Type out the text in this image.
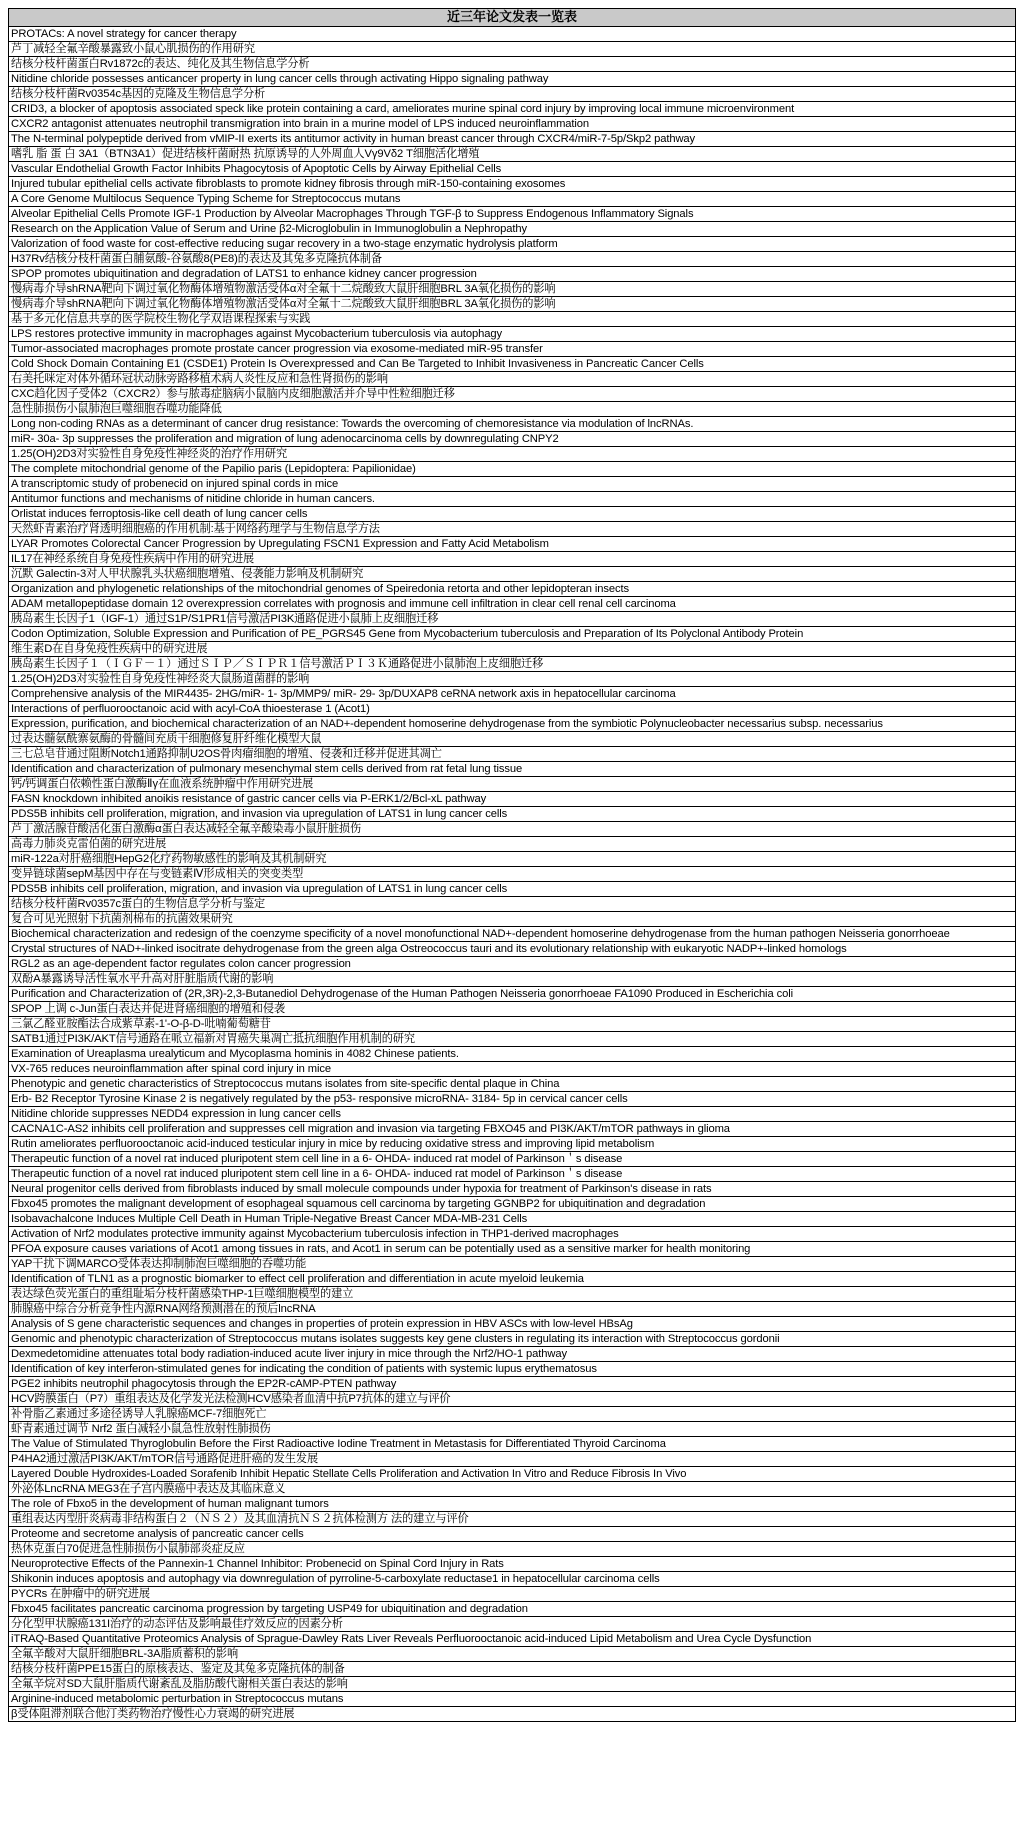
近三年论文发表一览表
PROTACs: A novel strategy for cancer therapy
芦丁减轻全氟辛酸暴露致小鼠心肌损伤的作用研究
结核分枝杆菌蛋白Rv1872c的表达、纯化及其生物信息学分析
Nitidine chloride possesses anticancer property in lung cancer cells through activating Hippo signaling pathway
结核分枝杆菌Rv0354c基因的克隆及生物信息学分析
CRID3, a blocker of apoptosis associated speck like protein containing a card, ameliorates murine spinal cord injury by improving local immune microenvironment
CXCR2 antagonist attenuates neutrophil transmigration into brain in a murine model of LPS induced neuroinflammation
The N-terminal polypeptide derived from vMIP-II exerts its antitumor activity in human breast cancer through CXCR4/miR-7-5p/Skp2 pathway
嗜乳 脂 蛋 白 3A1（BTN3A1）促进结核杆菌耐热 抗原诱导的人外周血人Vγ9Vδ2 T细胞活化增殖
Vascular Endothelial Growth Factor Inhibits Phagocytosis of Apoptotic Cells by Airway Epithelial Cells
Injured tubular epithelial cells activate fibroblasts to promote kidney fibrosis through miR-150-containing exosomes
A Core Genome Multilocus Sequence Typing Scheme for Streptococcus mutans
Alveolar Epithelial Cells Promote IGF-1 Production by Alveolar Macrophages Through TGF-β to Suppress Endogenous Inflammatory Signals
Research on the Application Value of Serum and Urine β2-Microglobulin in Immunoglobulin a Nephropathy
Valorization of food waste for cost-effective reducing sugar recovery in a two-stage enzymatic hydrolysis platform
H37Rv结核分枝杆菌蛋白脯氨酸-谷氨酸8(PE8)的表达及其兔多克隆抗体制备
SPOP promotes ubiquitination and degradation of LATS1 to enhance kidney cancer progression
慢病毒介导shRNA靶向下调过氧化物酶体增殖物激活受体α对全氟十二烷酸致大鼠肝细胞BRL 3A氧化损伤的影响
慢病毒介导shRNA靶向下调过氧化物酶体增殖物激活受体α对全氟十二烷酸致大鼠肝细胞BRL 3A氧化损伤的影响
基于多元化信息共享的医学院校生物化学双语课程探索与实践
LPS restores protective immunity in macrophages against Mycobacterium tuberculosis via autophagy
Tumor-associated macrophages promote prostate cancer progression via exosome-mediated miR-95 transfer
Cold Shock Domain Containing E1 (CSDE1) Protein Is Overexpressed and Can Be Targeted to Inhibit Invasiveness in Pancreatic Cancer Cells
右美托咪定对体外循环冠状动脉旁路移植术病人炎性反应和急性肾损伤的影响
CXC趋化因子受体2（CXCR2）参与脓毒症脑病小鼠脑内皮细胞激活并介导中性粒细胞迁移
急性肺损伤小鼠肺泡巨噬细胞吞噬功能降低
Long non-coding RNAs as a determinant of cancer drug resistance: Towards the overcoming of chemoresistance via modulation of lncRNAs.
miR- 30a- 3p suppresses the proliferation and migration of lung adenocarcinoma cells by downregulating CNPY2
1.25(OH)2D3对实验性自身免疫性神经炎的治疗作用研究
The complete mitochondrial genome of the Papilio paris (Lepidoptera: Papilionidae)
A transcriptomic study of probenecid on injured spinal cords in mice
Antitumor functions and mechanisms of nitidine chloride in human cancers.
Orlistat induces ferroptosis-like cell death of lung cancer cells
天然虾青素治疗肾透明细胞癌的作用机制:基于网络药理学与生物信息学方法
LYAR Promotes Colorectal Cancer Progression by Upregulating FSCN1 Expression and Fatty Acid Metabolism
IL17在神经系统自身免疫性疾病中作用的研究进展
沉默 Galectin-3对人甲状腺乳头状癌细胞增殖、侵袭能力影响及机制研究
Organization and phylogenetic relationships of the mitochondrial genomes of Speiredonia retorta and other lepidopteran insects
ADAM metallopeptidase domain 12 overexpression correlates with prognosis and immune cell infiltration in clear cell renal cell carcinoma
胰岛素生长因子1（IGF-1）通过S1P/S1PR1信号激活PI3K通路促进小鼠肺上皮细胞迁移
Codon Optimization, Soluble Expression and Purification of PE_PGRS45 Gene from Mycobacterium tuberculosis and Preparation of Its Polyclonal Antibody Protein
维生素D在自身免疫性疾病中的研究进展
胰岛素生长因子１（ＩＧＦ－１）通过ＳＩＰ／ＳＩＰＲ１信号激活ＰＩ３Ｋ通路促进小鼠肺泡上皮细胞迁移
1.25(OH)2D3对实验性自身免疫性神经炎大鼠肠道菌群的影响
Comprehensive analysis of the MIR4435- 2HG/miR- 1- 3p/MMP9/ miR- 29- 3p/DUXAP8 ceRNA network axis in hepatocellular carcinoma
Interactions of perfluorooctanoic acid with acyl-CoA thioesterase 1 (Acot1)
Expression, purification, and biochemical characterization of an NAD+-dependent homoserine dehydrogenase from the symbiotic Polynucleobacter necessarius subsp. necessarius
过表达髓氨酰寨氨酶的骨髓间充质干细胞修复肝纤维化模型大鼠
三七总皂苷通过阻断Notch1通路抑制U2OS骨肉瘤细胞的增殖、侵袭和迁移并促进其凋亡
Identification and characterization of pulmonary mesenchymal stem cells derived from rat fetal lung tissue
钙/钙调蛋白依赖性蛋白激酶Ⅱγ在血液系统肿瘤中作用研究进展
FASN knockdown inhibited anoikis resistance of gastric cancer cells via P-ERK1/2/Bcl-xL pathway
PDS5B inhibits cell proliferation, migration, and invasion via upregulation of LATS1 in lung cancer cells
芦丁激活腺苷酸活化蛋白激酶α蛋白表达减轻全氟辛酸染毒小鼠肝脏损伤
高毒力肺炎克雷伯菌的研究进展
miR-122a对肝癌细胞HepG2化疗药物敏感性的影响及其机制研究
变异链球菌sepM基因中存在与变链素Ⅳ形成相关的突变类型
PDS5B inhibits cell proliferation, migration, and invasion via upregulation of LATS1 in lung cancer cells
结核分枝杆菌Rv0357c蛋白的生物信息学分析与鉴定
复合可见光照射下抗菌剂棉布的抗菌效果研究
Biochemical characterization and redesign of the coenzyme specificity of a novel monofunctional NAD+-dependent homoserine dehydrogenase from the human pathogen Neisseria gonorrhoeae
Crystal structures of NAD+-linked isocitrate dehydrogenase from the green alga Ostreococcus tauri and its evolutionary relationship with eukaryotic NADP+-linked homologs
RGL2 as an age-dependent factor regulates colon cancer progression
双酚A暴露诱导活性氧水平升高对肝脏脂质代谢的影响
Purification and Characterization of (2R,3R)-2,3-Butanediol Dehydrogenase of the Human Pathogen Neisseria gonorrhoeae FA1090 Produced in Escherichia coli
SPOP 上调 c-Jun蛋白表达并促进肾癌细胞的增殖和侵袭
三氯乙醛亚胺酯法合成紫草素-1'-O-β-D-吡喃葡萄糖苷
SATB1通过PI3K/AKT信号通路在哌立福新对胃癌失巢凋亡抵抗细胞作用机制的研究
Examination of Ureaplasma urealyticum and Mycoplasma hominis in 4082 Chinese patients.
VX-765 reduces neuroinflammation after spinal cord injury in mice
Phenotypic and genetic characteristics of Streptococcus mutans isolates from site-specific dental plaque in China
Erb- B2 Receptor Tyrosine Kinase 2 is negatively regulated by the p53- responsive microRNA- 3184- 5p in cervical cancer cells
Nitidine chloride suppresses NEDD4 expression in lung cancer cells
CACNA1C-AS2 inhibits cell proliferation and suppresses cell migration and invasion via targeting FBXO45 and PI3K/AKT/mTOR pathways in glioma
Rutin ameliorates perfluorooctanoic acid-induced testicular injury in mice by reducing oxidative stress and improving lipid metabolism
Therapeutic function of a novel rat induced pluripotent stem cell line in a 6- OHDA- induced rat model of Parkinson＇s disease
Therapeutic function of a novel rat induced pluripotent stem cell line in a 6- OHDA- induced rat model of Parkinson＇s disease
Neural progenitor cells derived from fibroblasts induced by small molecule compounds under hypoxia for treatment of Parkinson's disease in rats
Fbxo45 promotes the malignant development of esophageal squamous cell carcinoma by targeting GGNBP2 for ubiquitination and degradation
Isobavachalcone Induces Multiple Cell Death in Human Triple-Negative Breast Cancer MDA-MB-231 Cells
Activation of Nrf2 modulates protective immunity against Mycobacterium tuberculosis infection in THP1-derived macrophages
PFOA exposure causes variations of Acot1 among tissues in rats, and Acot1 in serum can be potentially used as a sensitive marker for health monitoring
YAP干扰下调MARCO受体表达抑制肺泡巨噬细胞的吞噬功能
Identification of TLN1 as a prognostic biomarker to effect cell proliferation and differentiation in acute myeloid leukemia
表达绿色荧光蛋白的重组耻垢分枝杆菌感染THP-1巨噬细胞模型的建立
肺腺癌中综合分析竞争性内源RNA网络预测潜在的预后lncRNA
Analysis of S gene characteristic sequences and changes in properties of protein expression in HBV ASCs with low-level HBsAg
Genomic and phenotypic characterization of Streptococcus mutans isolates suggests key gene clusters in regulating its interaction with Streptococcus gordonii
Dexmedetomidine attenuates total body radiation-induced acute liver injury in mice through the Nrf2/HO-1 pathway
Identification of key interferon-stimulated genes for indicating the condition of patients with systemic lupus erythematosus
PGE2 inhibits neutrophil phagocytosis through the EP2R-cAMP-PTEN pathway
HCV跨膜蛋白（P7）重组表达及化学发光法检测HCV感染者血清中抗P7抗体的建立与评价
补骨脂乙素通过多途径诱导人乳腺癌MCF-7细胞死亡
虾青素通过调节 Nrf2 蛋白减轻小鼠急性放射性肺损伤
The Value of Stimulated Thyroglobulin Before the First Radioactive Iodine Treatment in Metastasis for Differentiated Thyroid Carcinoma
P4HA2通过激活PI3K/AKT/mTOR信号通路促进肝癌的发生发展
Layered Double Hydroxides-Loaded Sorafenib Inhibit Hepatic Stellate Cells Proliferation and Activation In Vitro and Reduce Fibrosis In Vivo
外泌体LncRNA MEG3在子宫内膜癌中表达及其临床意义
The role of Fbxo5 in the development of human malignant tumors
重组表达丙型肝炎病毒非结构蛋白２（ＮＳ２）及其血清抗ＮＳ２抗体检测方 法的建立与评价
Proteome and secretome analysis of pancreatic cancer cells
热休克蛋白70促进急性肺损伤小鼠肺部炎症反应
Neuroprotective Effects of the Pannexin-1 Channel Inhibitor: Probenecid on Spinal Cord Injury in Rats
Shikonin induces apoptosis and autophagy via downregulation of pyrroline-5-carboxylate reductase1 in hepatocellular carcinoma cells
PYCRs 在肿瘤中的研究进展
Fbxo45 facilitates pancreatic carcinoma progression by targeting USP49 for ubiquitination and degradation
分化型甲状腺癌131I治疗的动态评估及影响最佳疗效反应的因素分析
iTRAQ-Based Quantitative Proteomics Analysis of Sprague-Dawley Rats Liver Reveals Perfluorooctanoic acid-induced Lipid Metabolism and Urea Cycle Dysfunction
全氟辛酸对大鼠肝细胞BRL-3A脂质蓄积的影响
结核分枝杆菌PPE15蛋白的原核表达、鉴定及其兔多克隆抗体的制备
全氟辛烷对SD大鼠肝脂质代谢紊乱及脂肪酸代谢相关蛋白表达的影响
Arginine-induced metabolomic perturbation in Streptococcus mutans
β受体阻滞剂联合他汀类药物治疗慢性心力衰竭的研究进展
